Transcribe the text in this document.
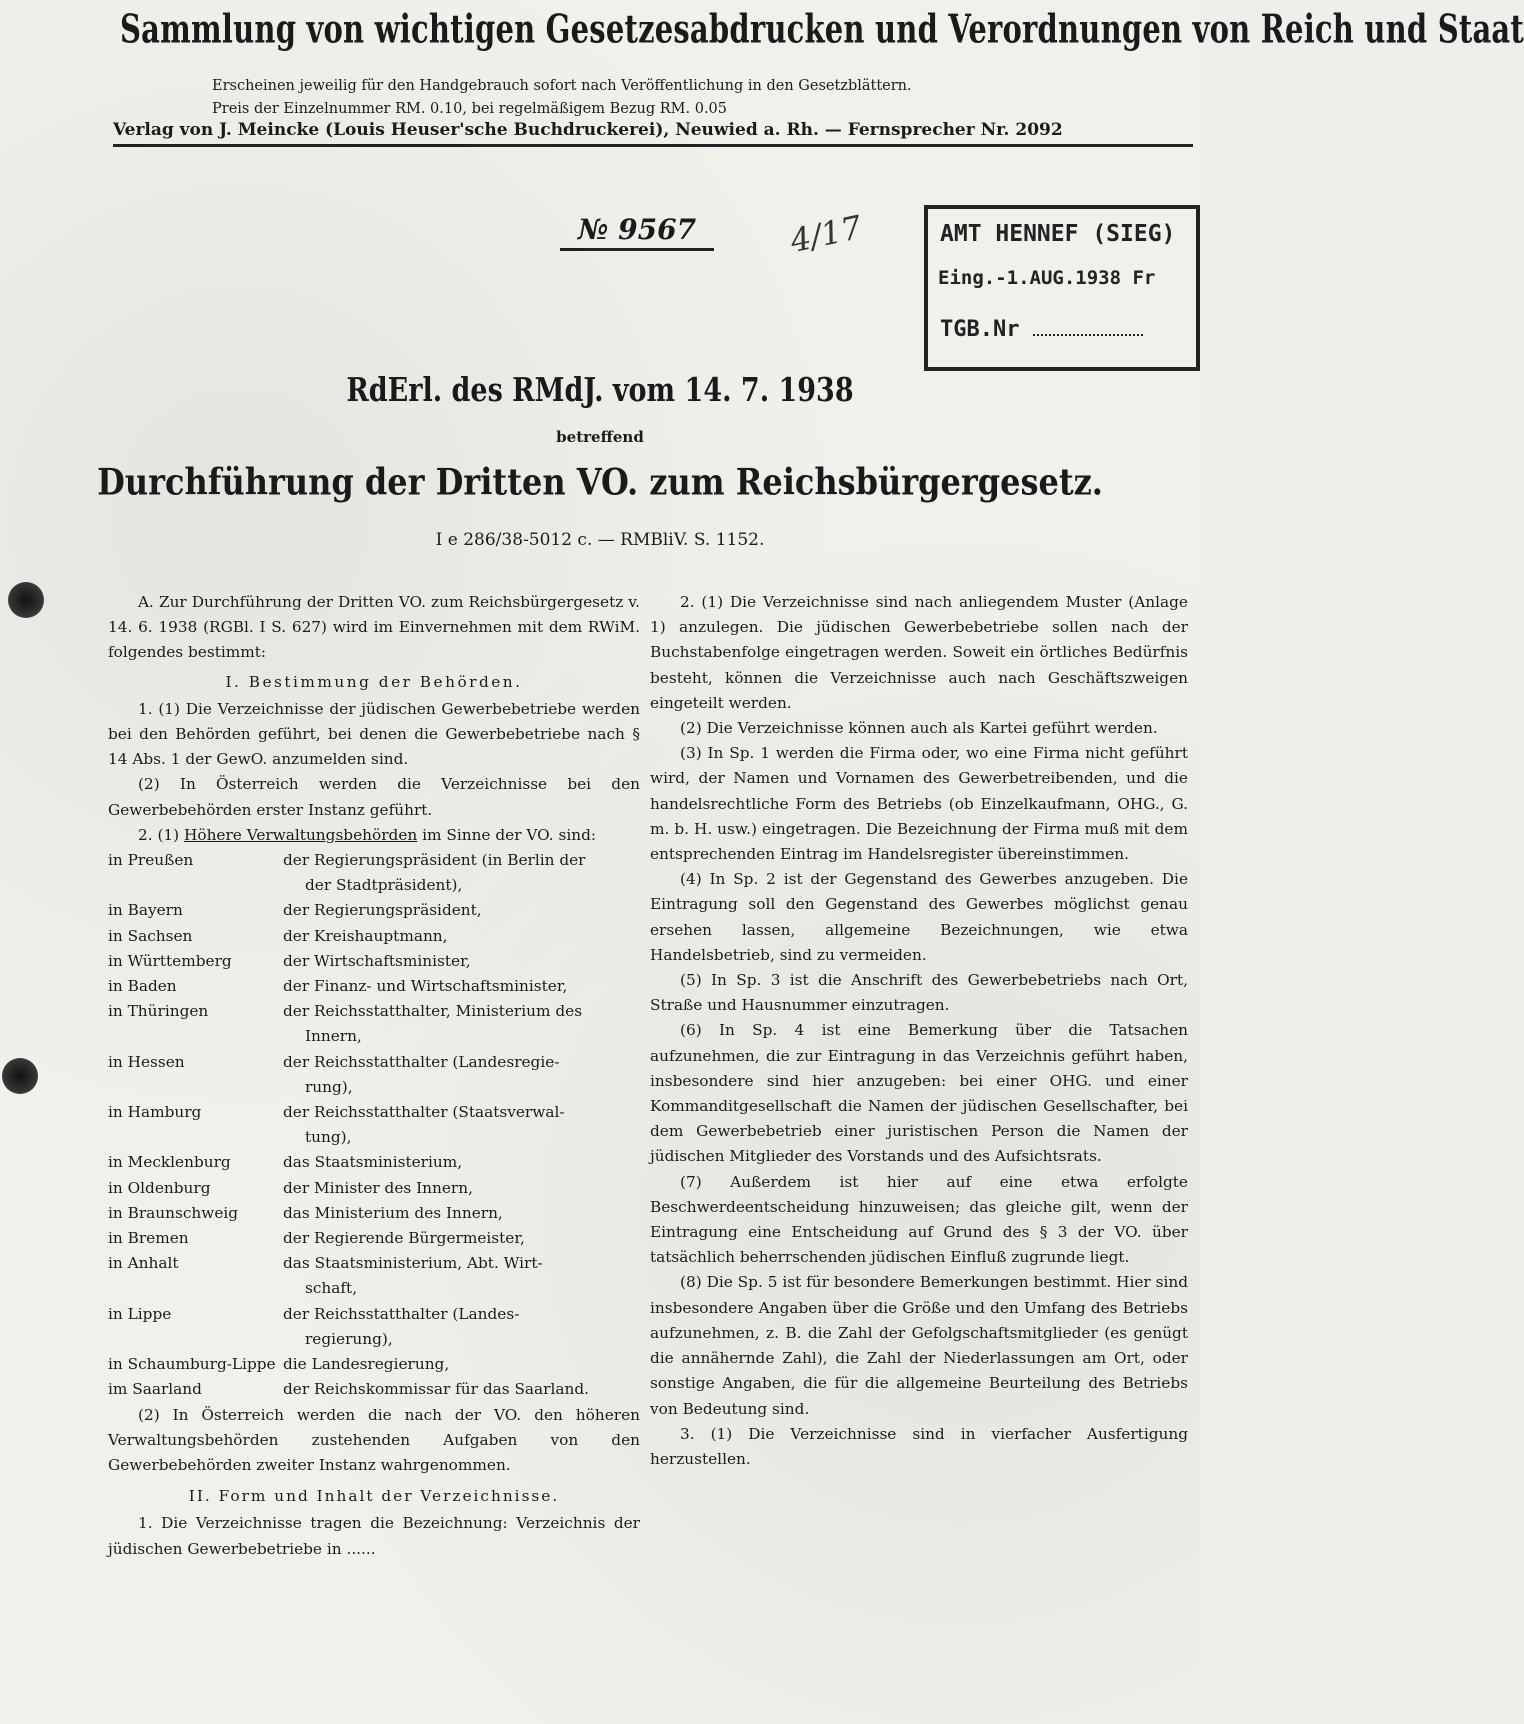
Sammlung von wichtigen Gesetzesabdrucken und Verordnungen von Reich und Staat
Erscheinen jeweilig für den Handgebrauch sofort nach Veröffentlichung in den Gesetzblättern.
Preis der Einzelnummer RM. 0.10, bei regelmäßigem Bezug RM. 0.05
Verlag von J. Meincke (Louis Heuser'sche Buchdruckerei), Neuwied a. Rh. — Fernsprecher Nr. 2092
№ 9567	4/17	AMT HENNEF (SIEG)
Eing.-1.AUG.1938 Fr
TGB.Nr
RdErl. des RMdJ. vom 14. 7. 1938
betreffend
Durchführung der Dritten VO. zum Reichsbürgergesetz.
I e 286/38-5012 c. — RMBliV. S. 1152.

A. Zur Durchführung der Dritten VO. zum Reichsbürgergesetz v. 14. 6. 1938 (RGBl. I S. 627) wird im Einvernehmen mit dem RWiM. folgendes bestimmt:

I. Bestimmung der Behörden.

1. (1) Die Verzeichnisse der jüdischen Gewerbebetriebe werden bei den Behörden geführt, bei denen die Gewerbebetriebe nach § 14 Abs. 1 der GewO. anzumelden sind.

(2) In Österreich werden die Verzeichnisse bei den Gewerbebehörden erster Instanz geführt.

2. (1) Höhere Verwaltungsbehörden im Sinne der VO. sind:

in Preußen	der Regierungspräsident (in Berlin der
der Stadtpräsident),
in Bayern	der Regierungspräsident,
in Sachsen	der Kreishauptmann,
in Württemberg	der Wirtschaftsminister,
in Baden	der Finanz- und Wirtschaftsminister,
in Thüringen	der Reichsstatthalter, Ministerium des
Innern,
in Hessen	der Reichsstatthalter (Landesregie-
rung),
in Hamburg	der Reichsstatthalter (Staatsverwal-
tung),
in Mecklenburg	das Staatsministerium,
in Oldenburg	der Minister des Innern,
in Braunschweig	das Ministerium des Innern,
in Bremen	der Regierende Bürgermeister,
in Anhalt	das Staatsministerium, Abt. Wirt-
schaft,
in Lippe	der Reichsstatthalter (Landes-
regierung),
in Schaumburg-Lippe die Landesregierung,
im Saarland	der Reichskommissar für das Saarland.

(2) In Österreich werden die nach der VO. den höheren Verwaltungsbehörden zustehenden Aufgaben von den Gewerbebehörden zweiter Instanz wahrgenommen.

II. Form und Inhalt der Verzeichnisse.

1. Die Verzeichnisse tragen die Bezeichnung: Verzeichnis der jüdischen Gewerbebetriebe in ......

2. (1) Die Verzeichnisse sind nach anliegendem Muster (Anlage 1) anzulegen. Die jüdischen Gewerbebetriebe sollen nach der Buchstabenfolge eingetragen werden. Soweit ein örtliches Bedürfnis besteht, können die Verzeichnisse auch nach Geschäftszweigen eingeteilt werden.

(2) Die Verzeichnisse können auch als Kartei geführt werden.

(3) In Sp. 1 werden die Firma oder, wo eine Firma nicht geführt wird, der Namen und Vornamen des Gewerbetreibenden, und die handelsrechtliche Form des Betriebs (ob Einzelkaufmann, OHG., G. m. b. H. usw.) eingetragen. Die Bezeichnung der Firma muß mit dem entsprechenden Eintrag im Handelsregister übereinstimmen.

(4) In Sp. 2 ist der Gegenstand des Gewerbes anzugeben. Die Eintragung soll den Gegenstand des Gewerbes möglichst genau ersehen lassen, allgemeine Bezeichnungen, wie etwa Handelsbetrieb, sind zu vermeiden.

(5) In Sp. 3 ist die Anschrift des Gewerbebetriebs nach Ort, Straße und Hausnummer einzutragen.

(6) In Sp. 4 ist eine Bemerkung über die Tatsachen aufzunehmen, die zur Eintragung in das Verzeichnis geführt haben, insbesondere sind hier anzugeben: bei einer OHG. und einer Kommanditgesellschaft die Namen der jüdischen Gesellschafter, bei dem Gewerbebetrieb einer juristischen Person die Namen der jüdischen Mitglieder des Vorstands und des Aufsichtsrats.

(7) Außerdem ist hier auf eine etwa erfolgte Beschwerdeentscheidung hinzuweisen; das gleiche gilt, wenn der Eintragung eine Entscheidung auf Grund des § 3 der VO. über tatsächlich beherrschenden jüdischen Einfluß zugrunde liegt.

(8) Die Sp. 5 ist für besondere Bemerkungen bestimmt. Hier sind insbesondere Angaben über die Größe und den Umfang des Betriebs aufzunehmen, z. B. die Zahl der Gefolgschaftsmitglieder (es genügt die annähernde Zahl), die Zahl der Niederlassungen am Ort, oder sonstige Angaben, die für die allgemeine Beurteilung des Betriebs von Bedeutung sind.

3. (1) Die Verzeichnisse sind in vierfacher Ausfertigung herzustellen.
